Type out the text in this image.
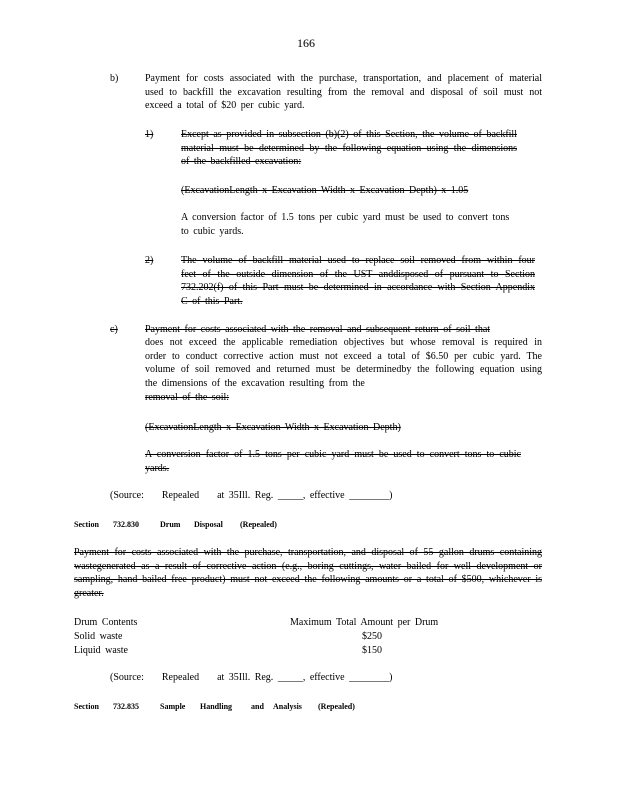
166
b)	Payment for costs associated with the purchase, transportation, and placement of material used to backfill the excavation resulting from the removal and disposal of soil must not exceed a total of $20 per cubic yard.

1)	Except as provided in subsection (b)(2) of this Section, the volume of backfill material must be determined by the following equation using the dimensions of the backfilled excavation:

(ExcavationLength x Excavation Width x Excavation Depth) x 1.05

A conversion factor of 1.5 tons per cubic yard must be used to convert tons to cubic yards.

2)	The volume of backfill material used to replace soil removed from within four feet of the outside dimension of the UST anddisposed of pursuant to Section 732.202(f) of this Part must be determined in accordance with Section Appendix C of this Part.

c)	Payment for costs associated with the removal and subsequent return of soil that

does not exceed the applicable remediation objectives but whose removal is required in order to conduct corrective action must not exceed a total of $6.50 per cubic yard. The volume of soil removed and returned must be determinedby the following equation using the dimensions of the excavation resulting from the

removal of the soil:
(ExcavationLength x Excavation Width x Excavation Depth)

A conversion factor of 1.5 tons per cubic yard must be used to convert tons to cubic yards.

(Source: Repealed at 35Ill. Reg. _____, effective ________)
Section 732.830	Drum Disposal (Repealed)

Payment for costs associated with the purchase, transportation, and disposal of 55 gallon drums containing wastegenerated as a result of corrective action (e.g., boring cuttings, water bailed for well development or sampling, hand bailed free product) must not exceed the following amounts or a total of $500, whichever is greater.

Drum Contents	Maximum Total Amount per Drum
Solid waste	$250
Liquid waste	$150
(Source: Repealed at 35Ill. Reg. _____, effective ________)
Section 732.835	Sample Handling and Analysis (Repealed)
